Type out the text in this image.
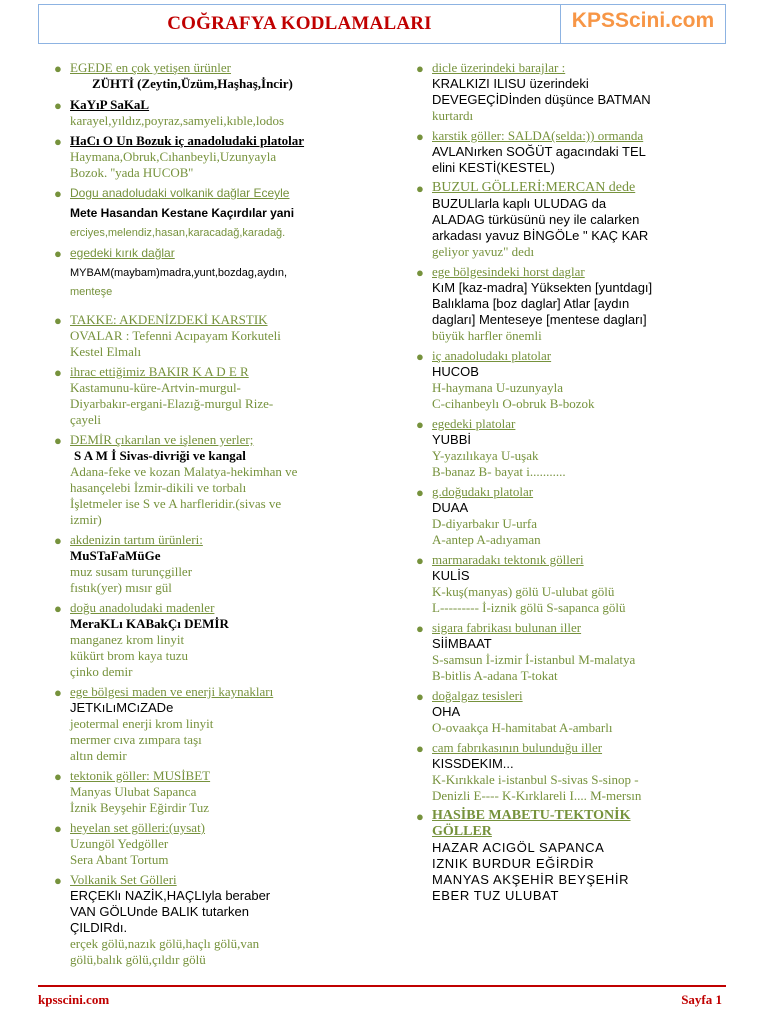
COĞRAFYA KODLAMALARI	KPSScini.com
● EGEDE en çok yetişen ürünler
ZÜHTİ (Zeytin,Üzüm,Haşhaş,İncir)
● KaYıP SaKaL
karayel,yıldız,poyraz,samyeli,kıble,lodos
● HaCı O Un Bozuk iç anadoludaki platolar
Haymana,Obruk,Cıhanbeyli,Uzunyayla
Bozok. ''yada HUCOB''
● Dogu anadoludaki volkanik dağlar Eceyle
Mete Hasandan Kestane Kaçırdılar yani
erciyes,melendiz,hasan,karacadağ,karadağ.
● egedeki kırık dağlar
MYBAM(maybam)madra,yunt,bozdag,aydın,
menteşe
● TAKKE: AKDENİZDEKİ KARSTIK
OVALAR : Tefenni Acıpayam Korkuteli
Kestel Elmalı
● ihrac ettiğimiz BAKIR K A D E R
Kastamunu-küre-Artvin-murgul-
Diyarbakır-ergani-Elazığ-murgul Rize-
çayeli
● DEMİR çıkarılan ve işlenen yerler;
S A M İ Sivas-divriği ve kangal
Adana-feke ve kozan Malatya-hekimhan ve
hasançelebi İzmir-dikili ve torbalı
İşletmeler ise S ve A harfleridir.(sivas ve
izmir)
● akdenizin tartım ürünleri:
MuSTaFaMüGe
muz susam turunçgiller
fıstık(yer) mısır gül
● doğu anadoludaki madenler
MeraKLı KABakÇı DEMİR
manganez krom linyit
kükürt brom kaya tuzu
çinko demir
● ege bölgesi maden ve enerji kaynakları
JETKıLıMCıZADe
jeotermal enerji krom linyit
mermer cıva zımpara taşı
altın demir
● tektonik göller: MUSİBET
Manyas Ulubat Sapanca
İznik Beyşehir Eğirdir Tuz
● heyelan set gölleri:(uysat)
Uzungöl Yedgöller
Sera Abant Tortum
● Volkanik Set Gölleri
ERÇEKlı NAZİK,HAÇLIyla beraber
VAN GÖLUnde BALIK tutarken
ÇILDIRdı.
erçek gölü,nazık gölü,haçlı gölü,van
gölü,balık gölü,çıldır gölü
● dicle üzerindeki barajlar :
KRALKIZI ILISU üzerindeki
DEVEGEÇİDİnden düşünce BATMAN
kurtardı
● karstik göller: SALDA(selda:)) ormanda
AVLANırken SOĞÜT agacındaki TEL
elini KESTİ(KESTEL)
● BUZUL GÖLLERİ:MERCAN dede
BUZULlarla kaplı ULUDAG da
ALADAG türküsünü ney ile calarken
arkadası yavuz BİNGÖLe " KAÇ KAR
geliyor yavuz" dedı
● ege bölgesindeki horst daglar
KıM [kaz-madra] Yüksekten [yuntdagı]
Balıklama [boz daglar] Atlar [aydın
dagları] Menteseye [mentese dagları]
büyük harfler önemli
● iç anadoludakı platolar
HUCOB
H-haymana U-uzunyayla
C-cihanbeylı O-obruk B-bozok
● egedeki platolar
YUBBİ
Y-yazılıkaya U-uşak
B-banaz B- bayat i...........
● g.doğudakı platolar
DUAA
D-diyarbakır U-urfa
A-antep A-adıyaman
● marmaradakı tektonık gölleri
KULİS
K-kuş(manyas) gölü U-ulubat gölü
L--------- İ-iznik gölü S-sapanca gölü
● sigara fabrikası bulunan iller
SİİMBAAT
S-samsun İ-izmir İ-istanbul M-malatya
B-bitlis A-adana T-tokat
● doğalgaz tesisleri
OHA
O-ovaakça H-hamitabat A-ambarlı
● cam fabrıkasının bulunduğu iller
KISSDEKIM...
K-Kırıkkale i-istanbul S-sivas S-sinop -
Denizli E---- K-Kırklareli I.... M-mersın
● HASİBE MABETU-TEKTONİK
GÖLLER
HAZAR ACIGÖL SAPANCA
IZNIK BURDUR EĞİRDİR
MANYAS AKŞEHİR BEYŞEHİR
EBER TUZ ULUBAT
kpsscini.com	Sayfa 1
